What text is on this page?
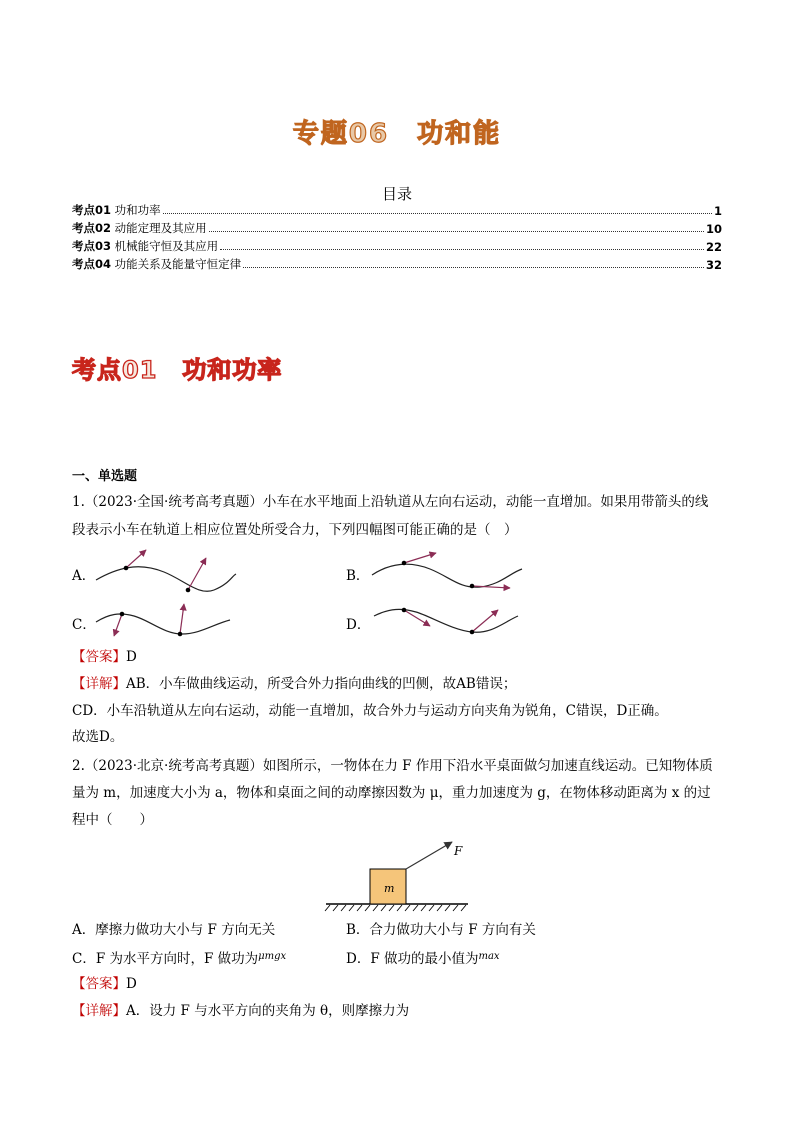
专题06　功和能
目录
考点01 功和功率	1
考点02 动能定理及其应用	10
考点03 机械能守恒及其应用	22
考点04 功能关系及能量守恒定律	32
考点01　功和功率
一、单选题
1.（2023·全国·统考高考真题）小车在水平地面上沿轨道从左向右运动，动能一直增加。如果用带箭头的线
段表示小车在轨道上相应位置处所受合力，下列四幅图可能正确的是（　）
A．	B．
C．	D．
【答案】D
【详解】AB．小车做曲线运动，所受合外力指向曲线的凹侧，故AB错误；
CD．小车沿轨道从左向右运动，动能一直增加，故合外力与运动方向夹角为锐角，C错误，D正确。
故选D。
2.（2023·北京·统考高考真题）如图所示，一物体在力 F 作用下沿水平桌面做匀加速直线运动。已知物体质
量为 m，加速度大小为 a，物体和桌面之间的动摩擦因数为 μ，重力加速度为 g，在物体移动距离为 x 的过
程中（　　）
m
F
A．摩擦力做功大小与 F 方向无关	B．合力做功大小与 F 方向有关
C．F 为水平方向时，F 做功为$^{\mu mgx}$	D．F 做功的最小值为$^{max}$
【答案】D
【详解】A．设力 F 与水平方向的夹角为 θ，则摩擦力为
